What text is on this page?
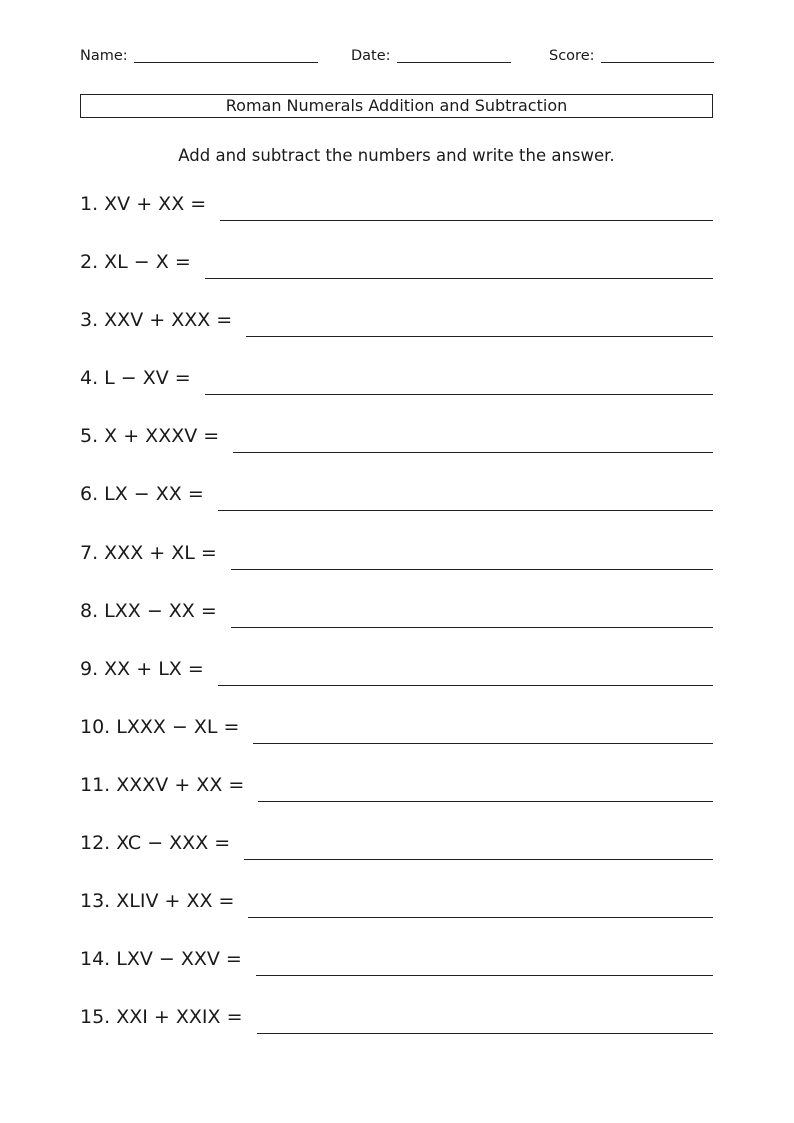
Name:	Date:	Score:
Roman Numerals Addition and Subtraction
Add and subtract the numbers and write the answer.
1. XV + XX =
2. XL − X =
3. XXV + XXX =
4. L − XV =
5. X + XXXV =
6. LX − XX =
7. XXX + XL =
8. LXX − XX =
9. XX + LX =
10. LXXX − XL =
11. XXXV + XX =
12. XC − XXX =
13. XLIV + XX =
14. LXV − XXV =
15. XXI + XXIX =
